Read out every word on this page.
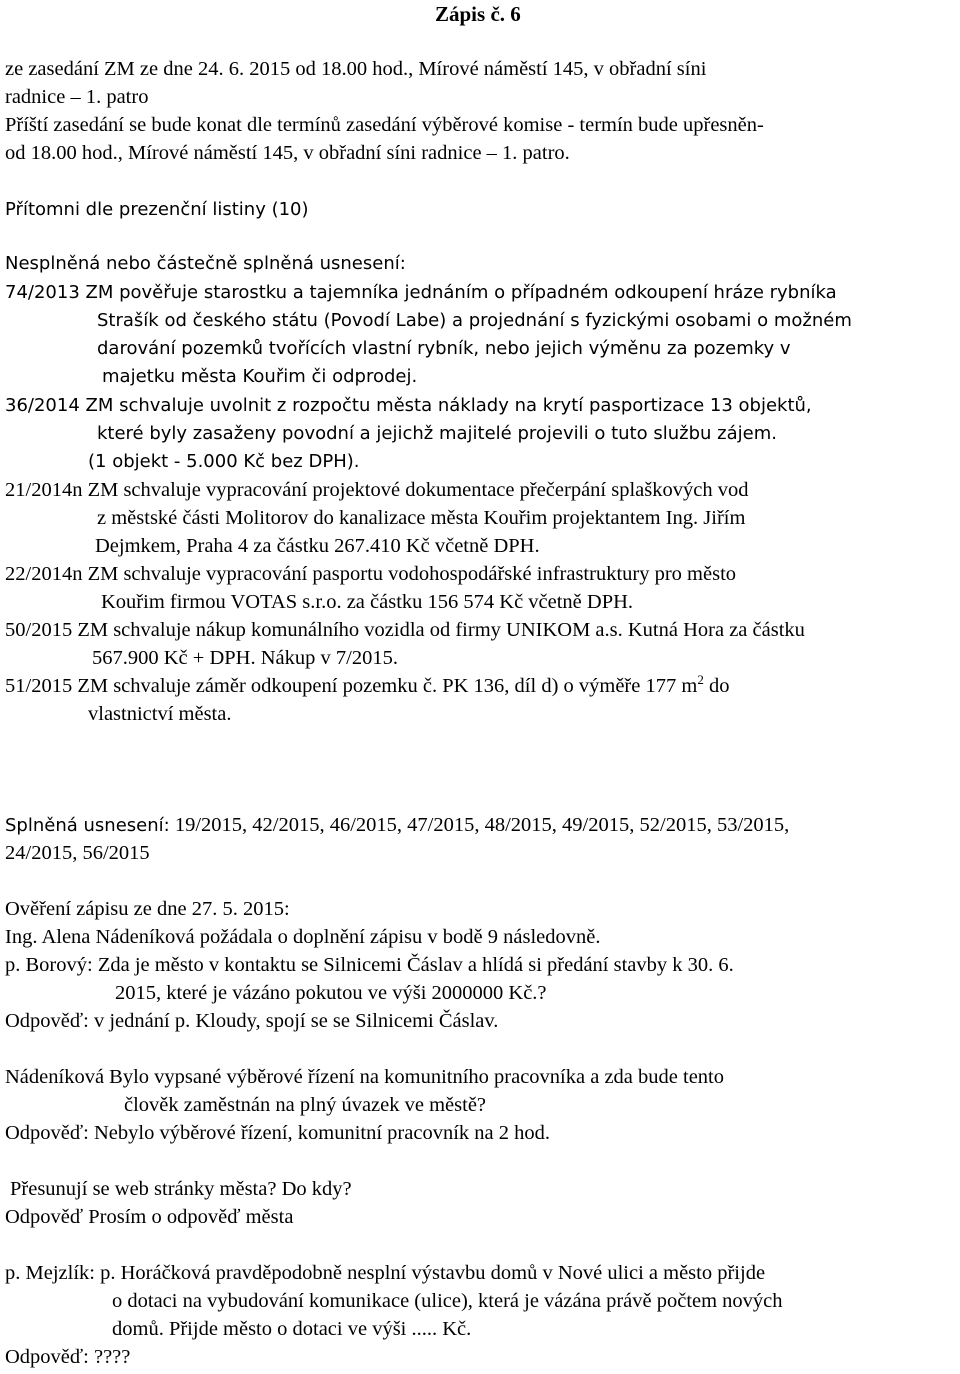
Zápis č. 6
ze zasedání ZM ze dne 24. 6. 2015 od 18.00 hod., Mírové náměstí 145, v obřadní síni
radnice – 1. patro
Příští zasedání se bude konat dle termínů zasedání výběrové komise - termín bude upřesněn-
od 18.00 hod., Mírové náměstí 145, v obřadní síni radnice – 1. patro.
Přítomni dle prezenční listiny (10)
Nesplněná nebo částečně splněná usnesení:
74/2013 ZM pověřuje starostku a tajemníka jednáním o případném odkoupení hráze rybníka
Strašík od českého státu (Povodí Labe) a projednání s fyzickými osobami o možném
darování pozemků tvořících vlastní rybník, nebo jejich výměnu za pozemky v
majetku města Kouřim či odprodej.
36/2014 ZM schvaluje uvolnit z rozpočtu města náklady na krytí pasportizace 13 objektů,
které byly zasaženy povodní a jejichž majitelé projevili o tuto službu zájem.
(1 objekt - 5.000 Kč bez DPH).
21/2014n ZM schvaluje vypracování projektové dokumentace přečerpání splaškových vod
z městské části Molitorov do kanalizace města Kouřim projektantem Ing. Jiřím
Dejmkem, Praha 4 za částku 267.410 Kč včetně DPH.
22/2014n ZM schvaluje vypracování pasportu vodohospodářské infrastruktury pro město
Kouřim firmou VOTAS s.r.o. za částku 156 574 Kč včetně DPH.
50/2015 ZM schvaluje nákup komunálního vozidla od firmy UNIKOM a.s. Kutná Hora za částku
567.900 Kč + DPH. Nákup v 7/2015.
51/2015 ZM schvaluje záměr odkoupení pozemku č. PK 136, díl d) o výměře 177 $m^2$ do
vlastnictví města.
Splněná usnesení: 19/2015, 42/2015, 46/2015, 47/2015, 48/2015, 49/2015, 52/2015, 53/2015,
24/2015, 56/2015
Ověření zápisu ze dne 27. 5. 2015:
Ing. Alena Nádeníková požádala o doplnění zápisu v bodě 9 následovně.
p. Borový: Zda je město v kontaktu se Silnicemi Čáslav a hlídá si předání stavby k 30. 6.
2015, které je vázáno pokutou ve výši 2000000 Kč.?
Odpověď: v jednání p. Kloudy, spojí se se Silnicemi Čáslav.
Nádeníková Bylo vypsané výběrové řízení na komunitního pracovníka a zda bude tento
člověk zaměstnán na plný úvazek ve městě?
Odpověď: Nebylo výběrové řízení, komunitní pracovník na 2 hod.
Přesunují se web stránky města? Do kdy?
Odpověď Prosím o odpověď města
p. Mejzlík: p. Horáčková pravděpodobně nesplní výstavbu domů v Nové ulici a město přijde
o dotaci na vybudování komunikace (ulice), která je vázána právě počtem nových
domů. Přijde město o dotaci ve výši ..... Kč.
Odpověď: ????
